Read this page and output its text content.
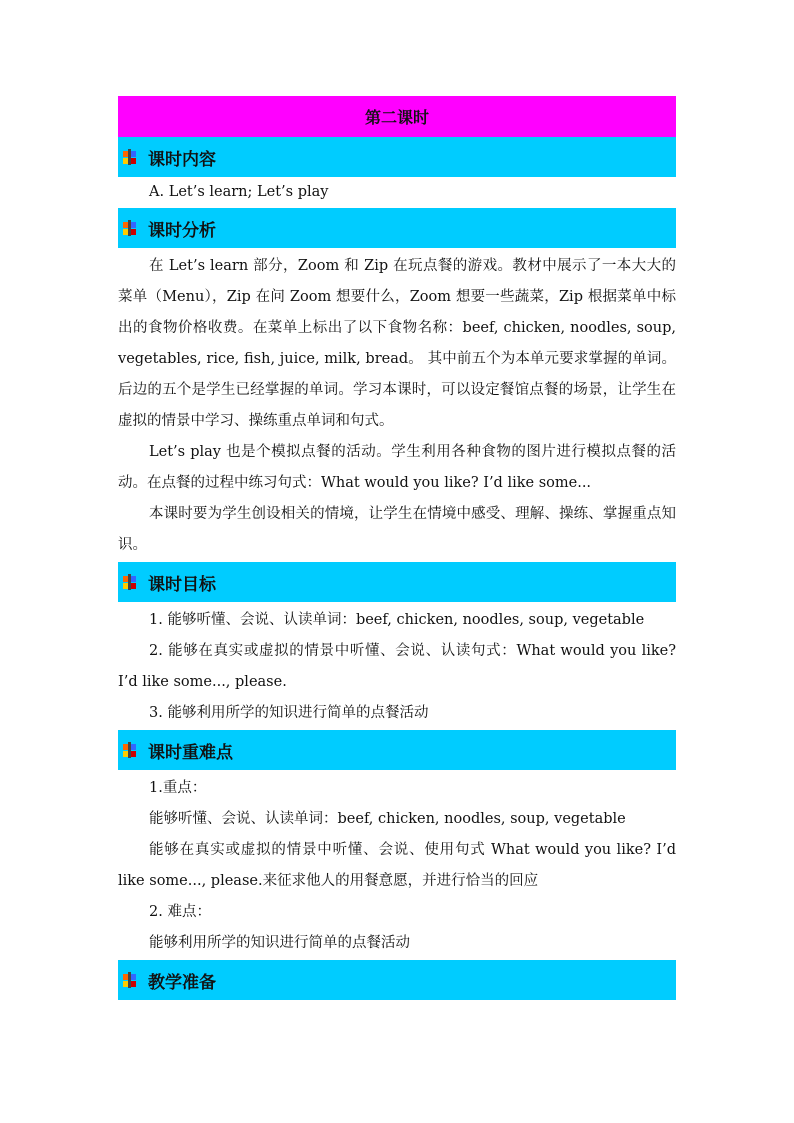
第二课时
课时内容

A. Let’s learn; Let’s play

课时分析

在 Let’s learn 部分，Zoom 和 Zip 在玩点餐的游戏。教材中展示了一本大大的菜单（Menu），Zip 在问 Zoom 想要什么，Zoom 想要一些蔬菜，Zip 根据菜单中标出的食物价格收费。在菜单上标出了以下食物名称：beef, chicken, noodles, soup, vegetables, rice, fish, juice, milk, bread。 其中前五个为本单元要求掌握的单词。后边的五个是学生已经掌握的单词。学习本课时，可以设定餐馆点餐的场景，让学生在虚拟的情景中学习、操练重点单词和句式。

Let’s play 也是个模拟点餐的活动。学生利用各种食物的图片进行模拟点餐的活动。在点餐的过程中练习句式：What would you like? I’d like some...

本课时要为学生创设相关的情境，让学生在情境中感受、理解、操练、掌握重点知识。

课时目标

1. 能够听懂、会说、认读单词：beef, chicken, noodles, soup, vegetable

2. 能够在真实或虚拟的情景中听懂、会说、认读句式：What would you like? I’d like some..., please.

3. 能够利用所学的知识进行简单的点餐活动

课时重难点

1.重点：

能够听懂、会说、认读单词：beef, chicken, noodles, soup, vegetable

能够在真实或虚拟的情景中听懂、会说、使用句式 What would you like? I’d like some..., please.来征求他人的用餐意愿，并进行恰当的回应

2. 难点：

能够利用所学的知识进行简单的点餐活动

教学准备
